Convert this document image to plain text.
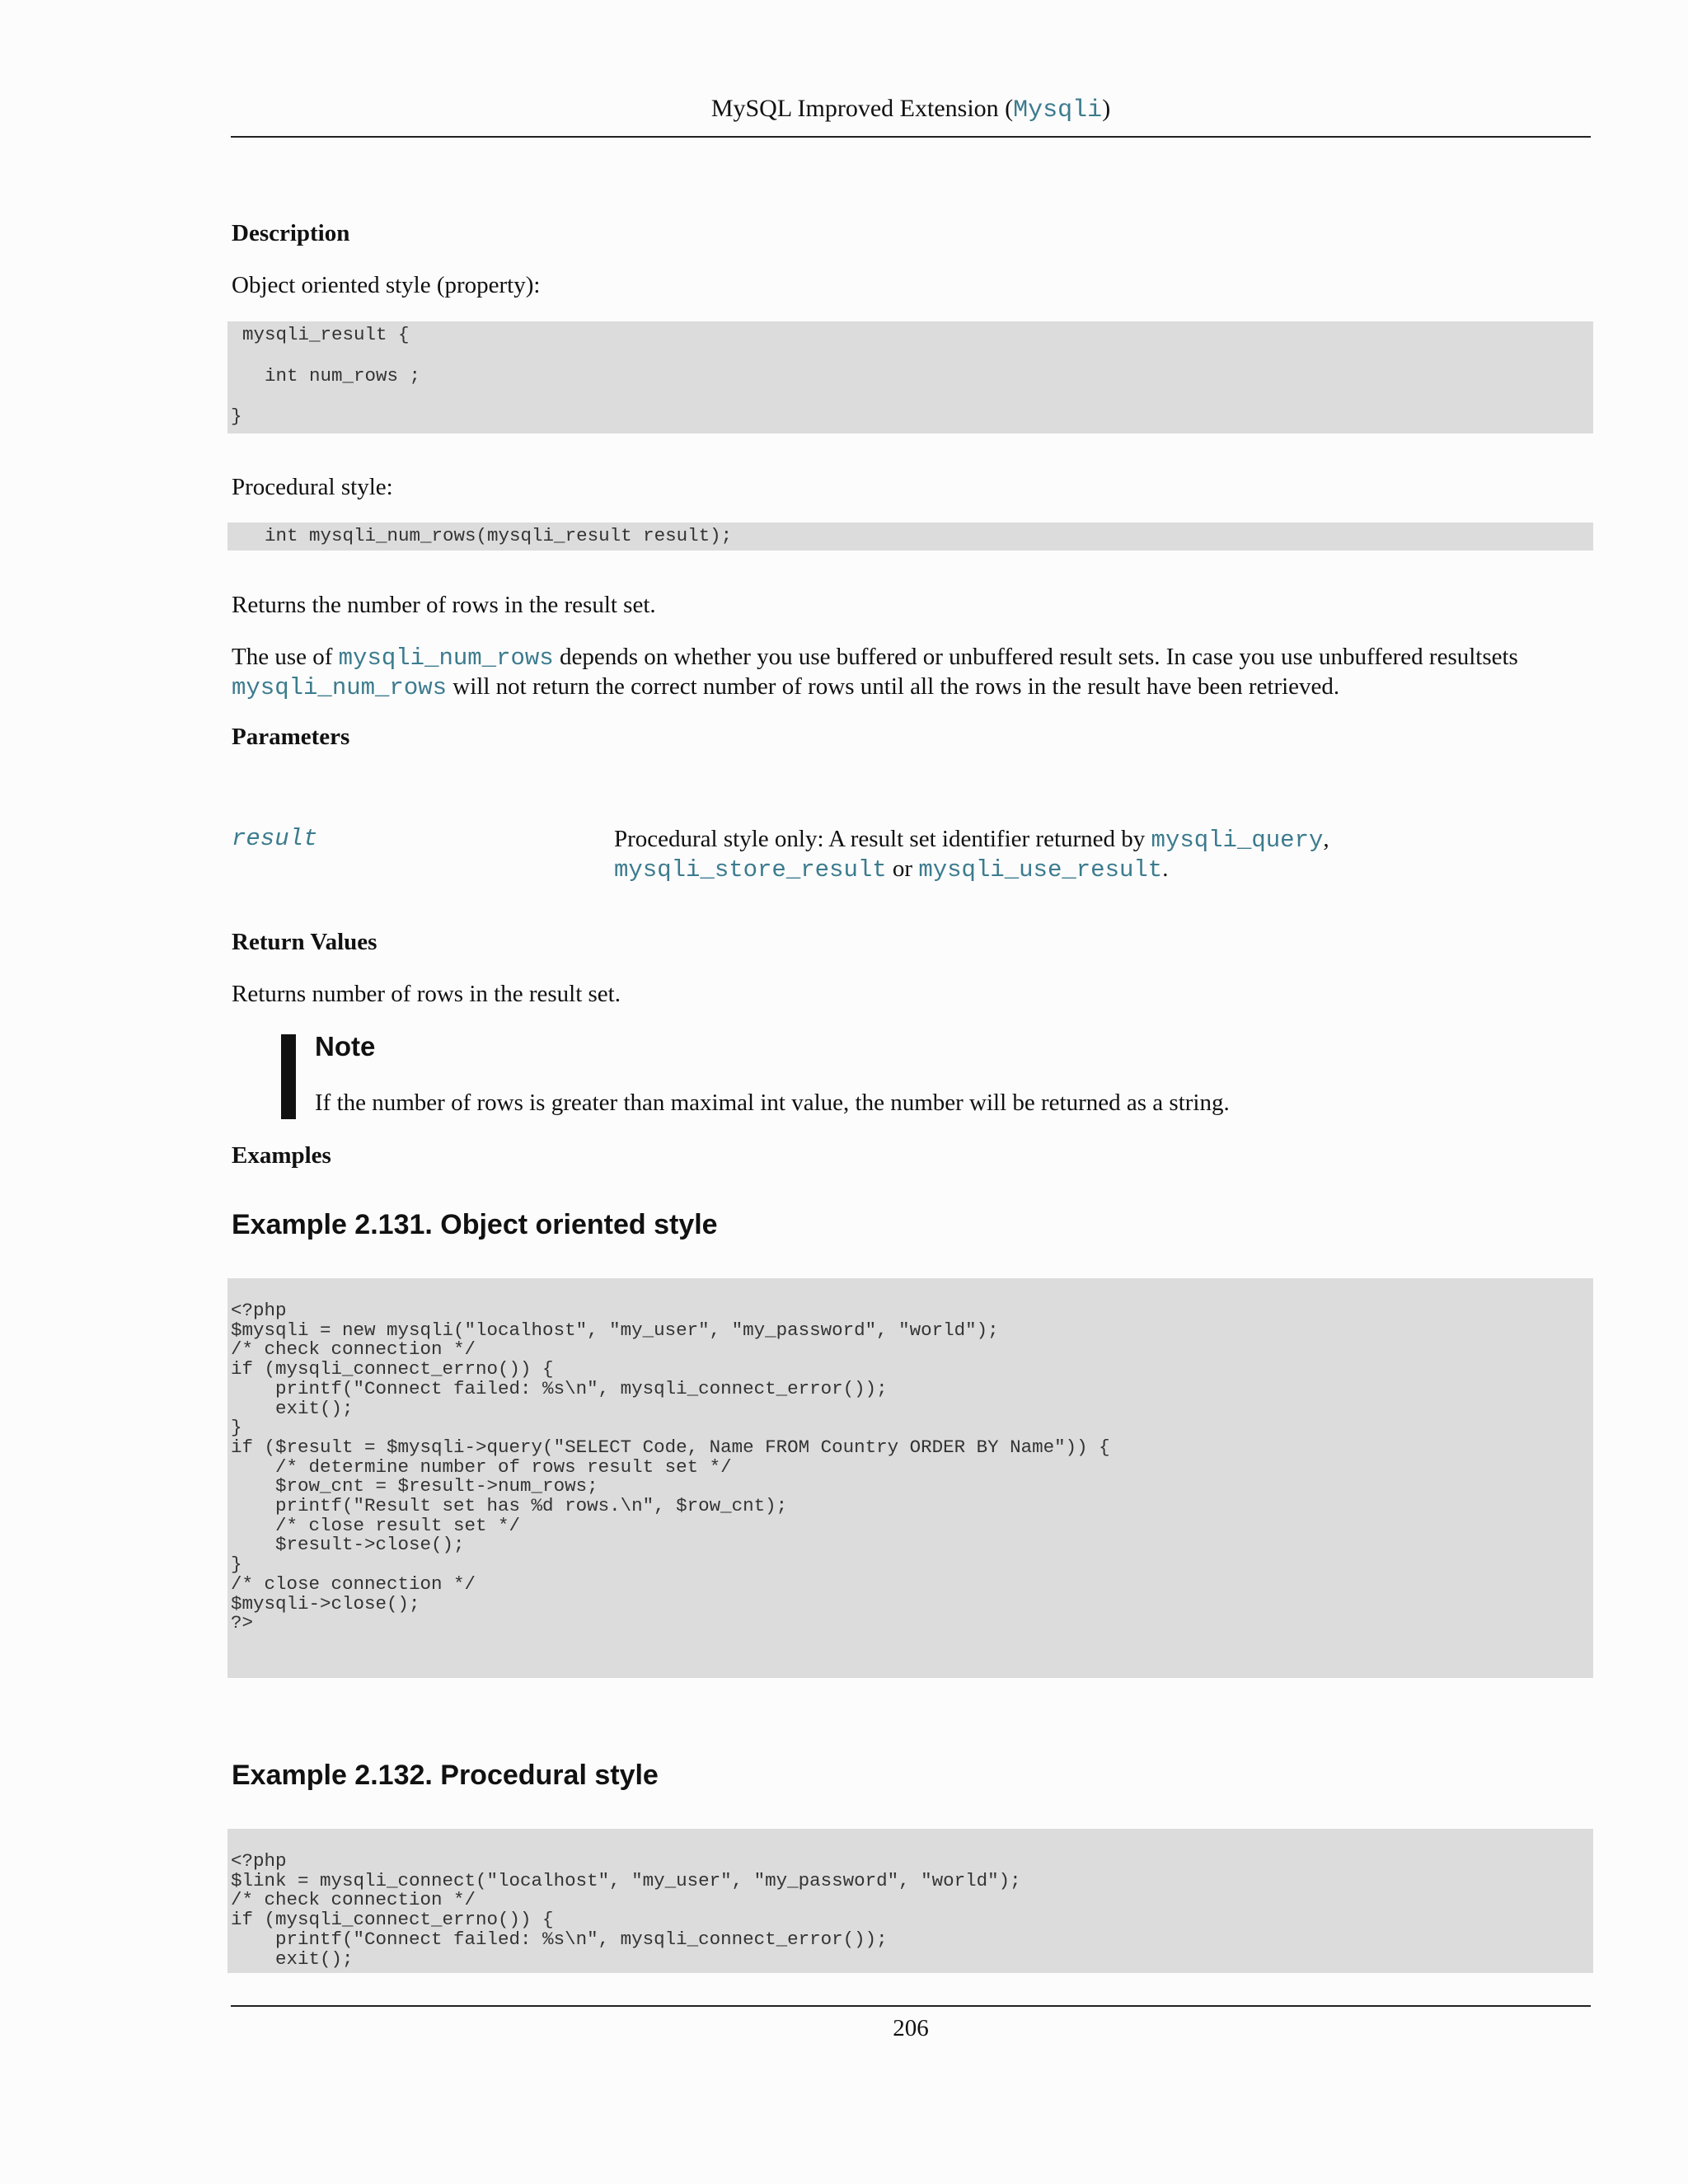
MySQL Improved Extension (Mysqli)
Description
Object oriented style (property):
mysqli_result {
int num_rows ;
}
Procedural style:
int mysqli_num_rows(mysqli_result result);
Returns the number of rows in the result set.
The use of mysqli_num_rows depends on whether you use buffered or unbuffered result sets. In case you use unbuffered resultsets
mysqli_num_rows will not return the correct number of rows until all the rows in the result have been retrieved.
Parameters
result	Procedural style only: A result set identifier returned by mysqli_query,
mysqli_store_result or mysqli_use_result.
Return Values
Returns number of rows in the result set.
Note
If the number of rows is greater than maximal int value, the number will be returned as a string.
Examples
Example 2.131. Object oriented style
<?php
$mysqli = new mysqli("localhost", "my_user", "my_password", "world");
/* check connection */
if (mysqli_connect_errno()) {
printf("Connect failed: %s\n", mysqli_connect_error());
exit();
}
if ($result = $mysqli->query("SELECT Code, Name FROM Country ORDER BY Name")) {
/* determine number of rows result set */
$row_cnt = $result->num_rows;
printf("Result set has %d rows.\n", $row_cnt);
/* close result set */
$result->close();
}
/* close connection */
$mysqli->close();
?>
Example 2.132. Procedural style
<?php
$link = mysqli_connect("localhost", "my_user", "my_password", "world");
/* check connection */
if (mysqli_connect_errno()) {
printf("Connect failed: %s\n", mysqli_connect_error());
exit();
206
